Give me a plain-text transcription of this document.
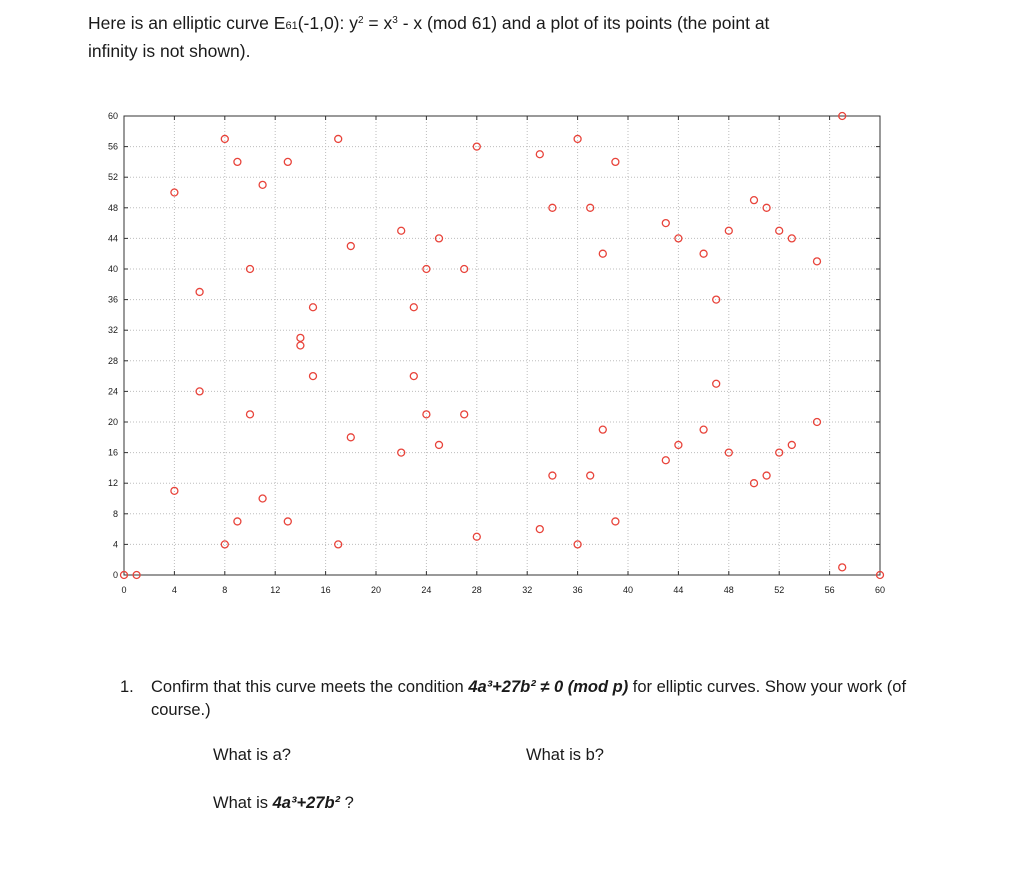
Here is an elliptic curve E61(-1,0): $y^2 = x^3 - x$ (mod 61) and a plot of its points (the point at
infinity is not shown).
0	4	8	12	16	20	24	28	32	36	40	44	48	52	56	60
0
4
8
12
16
20
24
28
32
36
40
44
48
52
56
60
1. Confirm that this curve meets the condition 4a³+27b² ≠ 0 (mod p) for elliptic curves. Show your work (of course.)
What is a?	What is b?
What is 4a³+27b² ?
